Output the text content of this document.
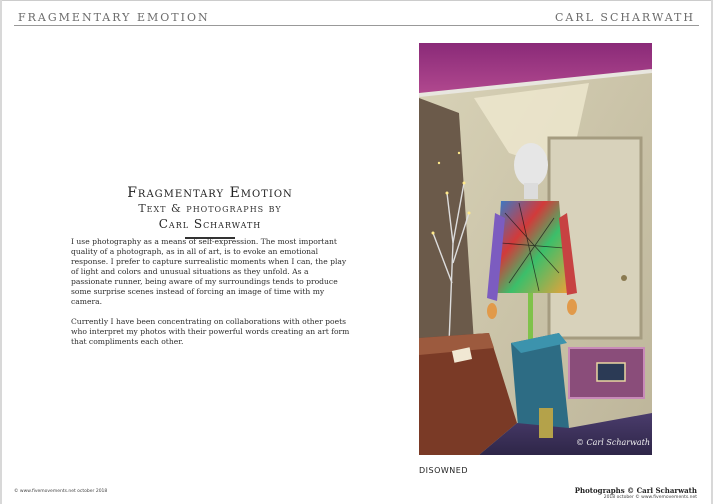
FRAGMENTARY EMOTION	CARL SCHARWATH
Fragmentary Emotion
Text & photographs by
Carl Scharwath

I use photography as a means of self-expression. The most important quality of a photograph, as in all of art, is to evoke an emotional response. I prefer to capture surrealistic moments when I can, the play of light and colors and unusual situations as they unfold. As a passionate runner, being aware of my surroundings tends to produce some surprise scenes instead of forcing an image of time with my camera.

Currently I have been concentrating on collaborations with other poets who interpret my photos with their powerful words creating an art form that compliments each other.

© Carl Scharwath
DISOWNED
© www.fivemovements.net october 2018	Photographs © Carl Scharwath
2018 october © www.fivemovements.net
